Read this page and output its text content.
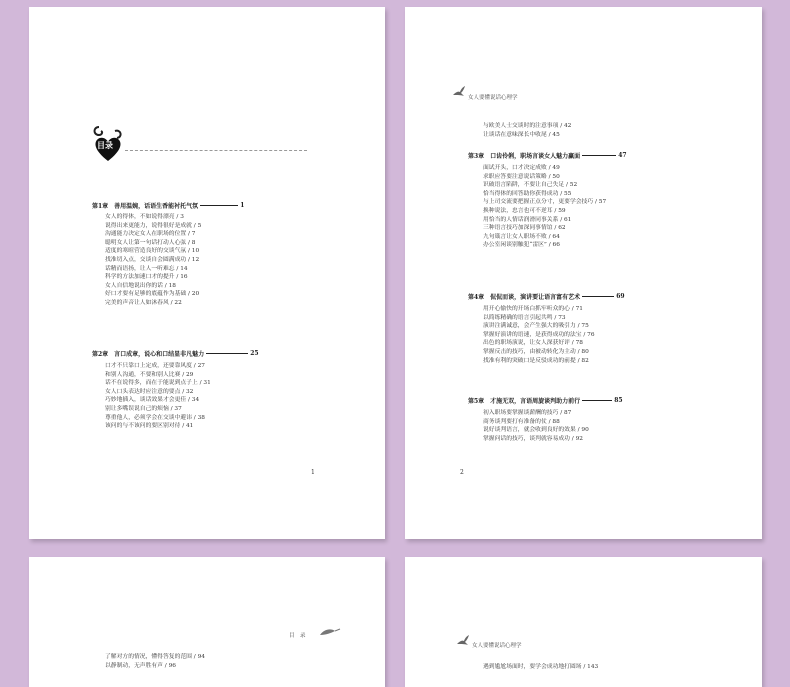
目录
第1章　善用温婉，话语生香能衬托气氛	1
女人的得体，不如说得漂亮 / 3
说得出来更能力，说得很好是成就 / 5
沟通能力决定女人在职场的位置 / 7
聪明女人让第一句话打动人心弦 / 8
适度的寒暄营造良好的交谈气氛 / 10
找准切入点，交谈自会圆满成功 / 12
话精而语扬，让人一听难忘 / 14
科学的方法加速口才的提升 / 16
女人自信地说出你的话 / 18
好口才要有足够的底蕴作为基础 / 20
完美的声音让人如沐春风 / 22
第2章　言口成章，说心和口结显非凡魅力	25
口才不只靠口上定成，还要靠风度 / 27
和别人沟通，不要和别人比赛 / 29
话不在说得多，而在于能说到点子上 / 31
女人口头表达时应注意的要点 / 32
巧妙地插入，谈话效果才会更佳 / 34
别让多嘴误说自己的烦恼 / 37
尊重他人，必须学会在交谈中避讳 / 38
该问的与不该问的要区别对待 / 41
1
女人要懂说话心理学
与欧美人士交谈时的注意事项 / 42
让谈话在意味深长中收尾 / 45
第3章　口齿伶俐，职场言谈女人魅力赢面	47
面试开头，口才决定成败 / 49
求职应答要注意说话策略 / 50
识破语言陷阱，不要让自己失足 / 52
恰当得体的回答助你获得成功 / 55
与上司交流要把握正点分寸，更要学会技巧 / 57
换种说法，忠言也可不逆耳 / 59
用恰当的人情话润滑同事关系 / 61
三种语言技巧加深同事情谊 / 62
九句箴言让女人职场不败 / 64
办公室闲谈别触犯“雷区” / 66
第4章　侃侃而谈，演讲要让语言富有艺术	69
用开心愉快的开场白抓牢听众的心 / 71
以简练精确的语言引起共鸣 / 73
演讲注满诚意，会产生强大的吸引力 / 75
掌握好演讲的语速，是获得成功的法宝 / 76
出色的职场演说，让女人深获好评 / 78
掌握反击的技巧，由被动转化为主动 / 80
找准有利的突破口是反驳成功的前提 / 82
第5章　才施无双，言语周旋谈判助力前行	85
初入职场要掌握谈薪酬的技巧 / 87
商务谈判要打有准备的仗 / 88
说好谈判语言，就会收到良好的效果 / 90
掌握问话的技巧，谈判就容易成功 / 92
2
目　录
了解对方的情况，懂得答复的范围 / 94
以静制动，无声胜有声 / 96
女人要懂说话心理学
遇到尴尬场面时，要学会成功地打圆场 / 143
